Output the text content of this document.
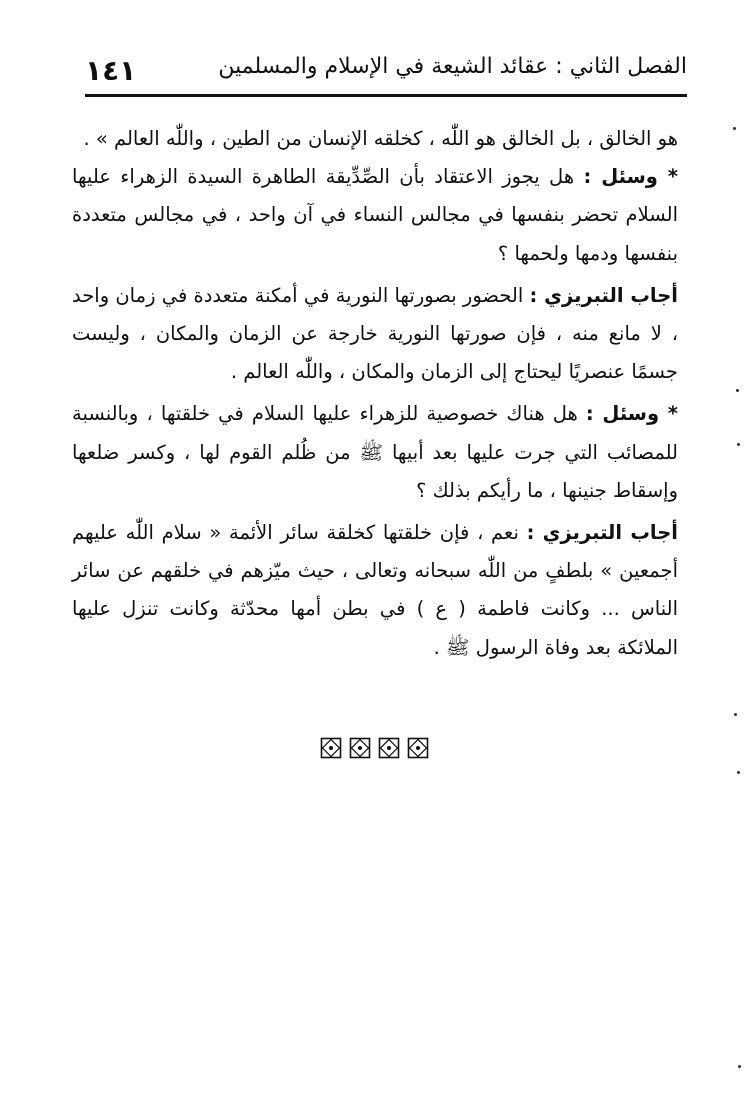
١٤١	الفصل الثاني : عقائد الشيعة في الإسلام والمسلمين

هو الخالق ، بل الخالق هو اللّٰه ، كخلقه الإنسان من الطين ، واللّٰه العالم » .

* وسئل : هل يجوز الاعتقاد بأن الصِّدِّيقة الطاهرة السيدة الزهراء عليها السلام تحضر بنفسها في مجالس النساء في آن واحد ، في مجالس متعددة بنفسها ودمها ولحمها ؟

أجاب التبريزي : الحضور بصورتها النورية في أمكنة متعددة في زمان واحد ، لا مانع منه ، فإن صورتها النورية خارجة عن الزمان والمكان ، وليست جسمًا عنصريًا ليحتاج إلى الزمان والمكان ، واللّٰه العالم .

* وسئل : هل هناك خصوصية للزهراء عليها السلام في خلقتها ، وبالنسبة للمصائب التي جرت عليها بعد أبيها ﷺ من ظُلم القوم لها ، وكسر ضلعها وإسقاط جنينها ، ما رأيكم بذلك ؟

أجاب التبريزي : نعم ، فإن خلقتها كخلقة سائر الأئمة « سلام اللّٰه عليهم أجمعين » بلطفٍ من اللّٰه سبحانه وتعالى ، حيث ميّزهم في خلقهم عن سائر الناس ... وكانت فاطمة ( ع ) في بطن أمها محدّثة وكانت تنزل عليها الملائكة بعد وفاة الرسول ﷺ .
